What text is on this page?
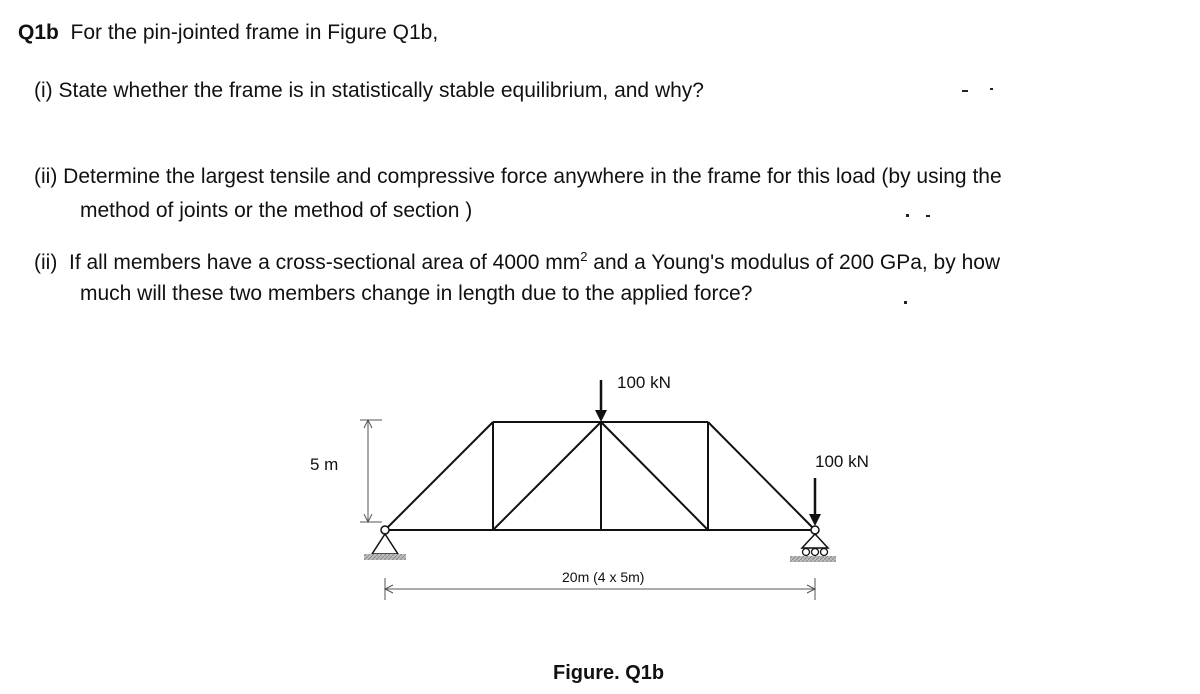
Q1b For the pin-jointed frame in Figure Q1b,
(i) State whether the frame is in statistically stable equilibrium, and why?
(ii) Determine the largest tensile and compressive force anywhere in the frame for this load (by using the
method of joints or the method of section )
(ii) If all members have a cross-sectional area of 4000 $mm^2$ and a Young's modulus of 200 GPa, by how
much will these two members change in length due to the applied force?
100 kN
100 kN
5 m
20m (4 x 5m)
Figure. Q1b
